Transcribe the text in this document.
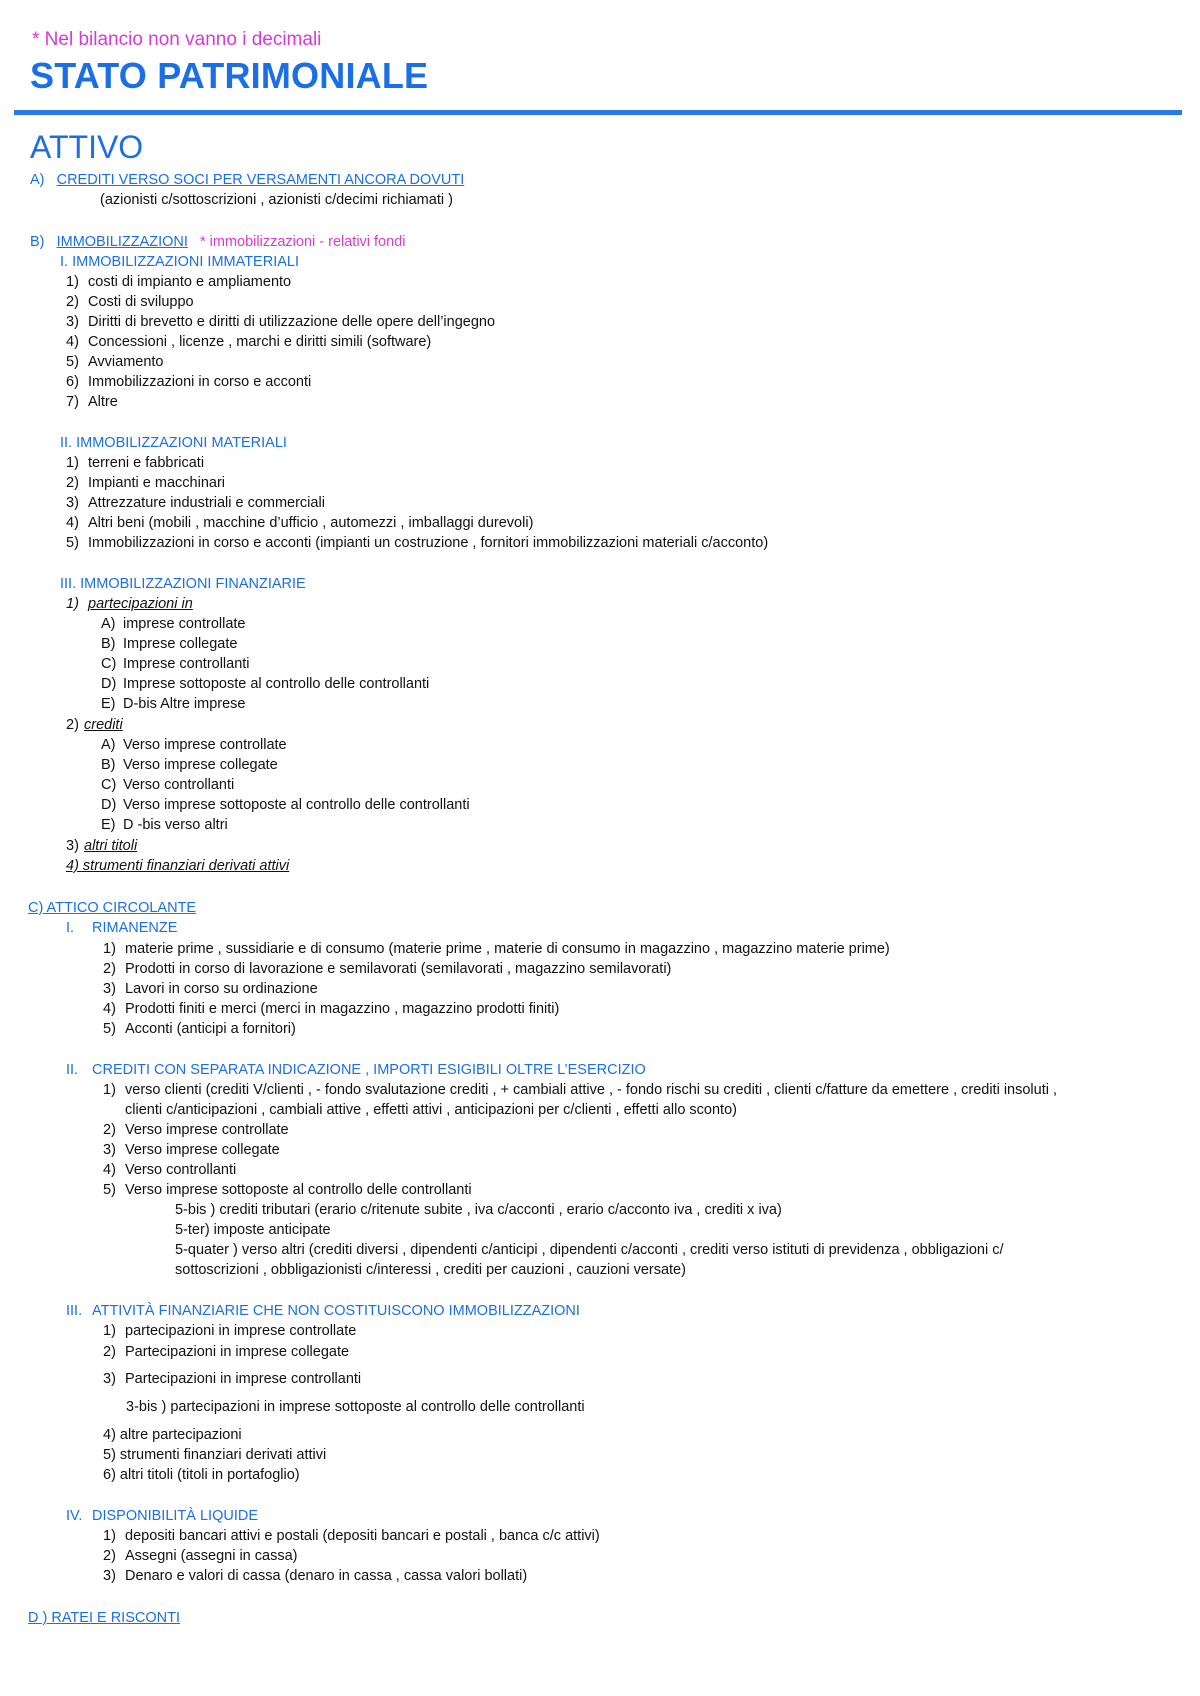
* Nel bilancio non vanno i decimali
STATO PATRIMONIALE
ATTIVO
A) CREDITI VERSO SOCI PER VERSAMENTI ANCORA DOVUTI
(azionisti c/sottoscrizioni , azionisti c/decimi richiamati )
B) IMMOBILIZZAZIONI * immobilizzazioni - relativi fondi
I. IMMOBILIZZAZIONI IMMATERIALI
1) costi di impianto e ampliamento
2) Costi di sviluppo
3) Diritti di brevetto e diritti di utilizzazione delle opere dell’ingegno
4) Concessioni , licenze , marchi e diritti simili (software)
5) Avviamento
6) Immobilizzazioni in corso e acconti
7) Altre
II. IMMOBILIZZAZIONI MATERIALI
1) terreni e fabbricati
2) Impianti e macchinari
3) Attrezzature industriali e commerciali
4) Altri beni (mobili , macchine d’ufficio , automezzi , imballaggi durevoli)
5) Immobilizzazioni in corso e acconti (impianti un costruzione , fornitori immobilizzazioni materiali c/acconto)
III. IMMOBILIZZAZIONI FINANZIARIE
1) partecipazioni in
A) imprese controllate
B) Imprese collegate
C) Imprese controllanti
D) Imprese sottoposte al controllo delle controllanti
E) D-bis Altre imprese
2) crediti
A) Verso imprese controllate
B) Verso imprese collegate
C) Verso controllanti
D) Verso imprese sottoposte al controllo delle controllanti
E) D -bis verso altri
3) altri titoli
4) strumenti finanziari derivati attivi
C) ATTICO CIRCOLANTE
I. RIMANENZE
1) materie prime , sussidiarie e di consumo (materie prime , materie di consumo in magazzino , magazzino materie prime)
2) Prodotti in corso di lavorazione e semilavorati (semilavorati , magazzino semilavorati)
3) Lavori in corso su ordinazione
4) Prodotti finiti e merci (merci in magazzino , magazzino prodotti finiti)
5) Acconti (anticipi a fornitori)
II. CREDITI CON SEPARATA INDICAZIONE , IMPORTI ESIGIBILI OLTRE L’ESERCIZIO
1) verso clienti (crediti V/clienti , - fondo svalutazione crediti , + cambiali attive , - fondo rischi su crediti , clienti c/fatture da emettere , crediti insoluti ,
clienti c/anticipazioni , cambiali attive , effetti attivi , anticipazioni per c/clienti , effetti allo sconto)
2) Verso imprese controllate
3) Verso imprese collegate
4) Verso controllanti
5) Verso imprese sottoposte al controllo delle controllanti
5-bis ) crediti tributari (erario c/ritenute subite , iva c/acconti , erario c/acconto iva , crediti x iva)
5-ter) imposte anticipate
5-quater ) verso altri (crediti diversi , dipendenti c/anticipi , dipendenti c/acconti , crediti verso istituti di previdenza , obbligazioni c/
sottoscrizioni , obbligazionisti c/interessi , crediti per cauzioni , cauzioni versate)
III. ATTIVITÀ FINANZIARIE CHE NON COSTITUISCONO IMMOBILIZZAZIONI
1) partecipazioni in imprese controllate
2) Partecipazioni in imprese collegate
3) Partecipazioni in imprese controllanti
3-bis ) partecipazioni in imprese sottoposte al controllo delle controllanti
4) altre partecipazioni
5) strumenti finanziari derivati attivi
6) altri titoli (titoli in portafoglio)
IV. DISPONIBILITÀ LIQUIDE
1) depositi bancari attivi e postali (depositi bancari e postali , banca c/c attivi)
2) Assegni (assegni in cassa)
3) Denaro e valori di cassa (denaro in cassa , cassa valori bollati)
D ) RATEI E RISCONTI
